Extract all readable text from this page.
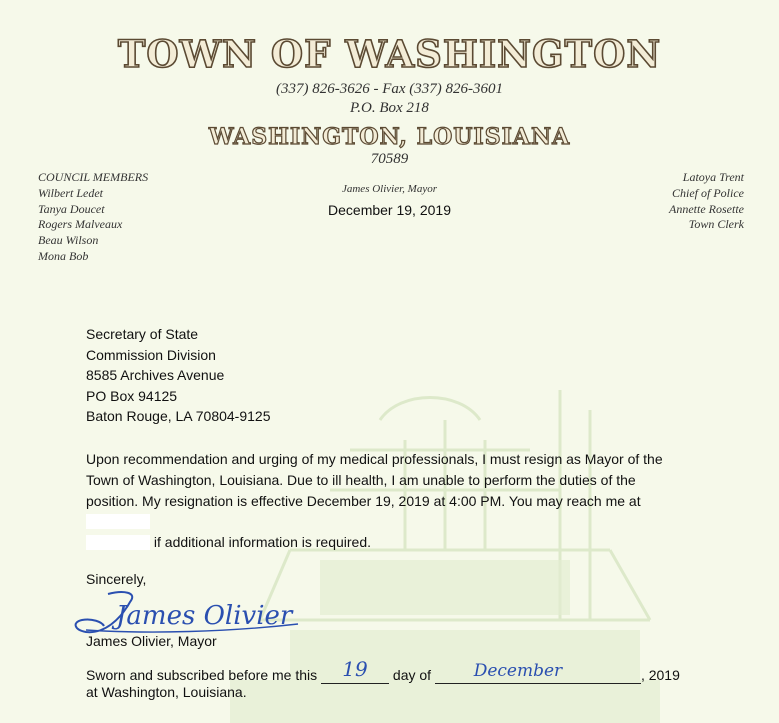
TOWN OF WASHINGTON
(337) 826-3626 - Fax (337) 826-3601
P.O. Box 218
WASHINGTON, LOUISIANA
70589
COUNCIL MEMBERS
Wilbert Ledet
Tanya Doucet
Rogers Malveaux
Beau Wilson
Mona Bob
James Olivier, Mayor
Latoya Trent
Chief of Police
Annette Rosette
Town Clerk
December 19, 2019
Secretary of State
Commission Division
8585 Archives Avenue
PO Box 94125
Baton Rouge, LA 70804-9125
Upon recommendation and urging of my medical professionals, I must resign as Mayor of the Town of Washington, Louisiana. Due to ill health, I am unable to perform the duties of the position. My resignation is effective December 19, 2019 at 4:00 PM. You may reach me at
if additional information is required.
Sincerely,
James Olivier
James Olivier, Mayor
Sworn and subscribed before me this	19	day of	December	, 2019
at Washington, Louisiana.
